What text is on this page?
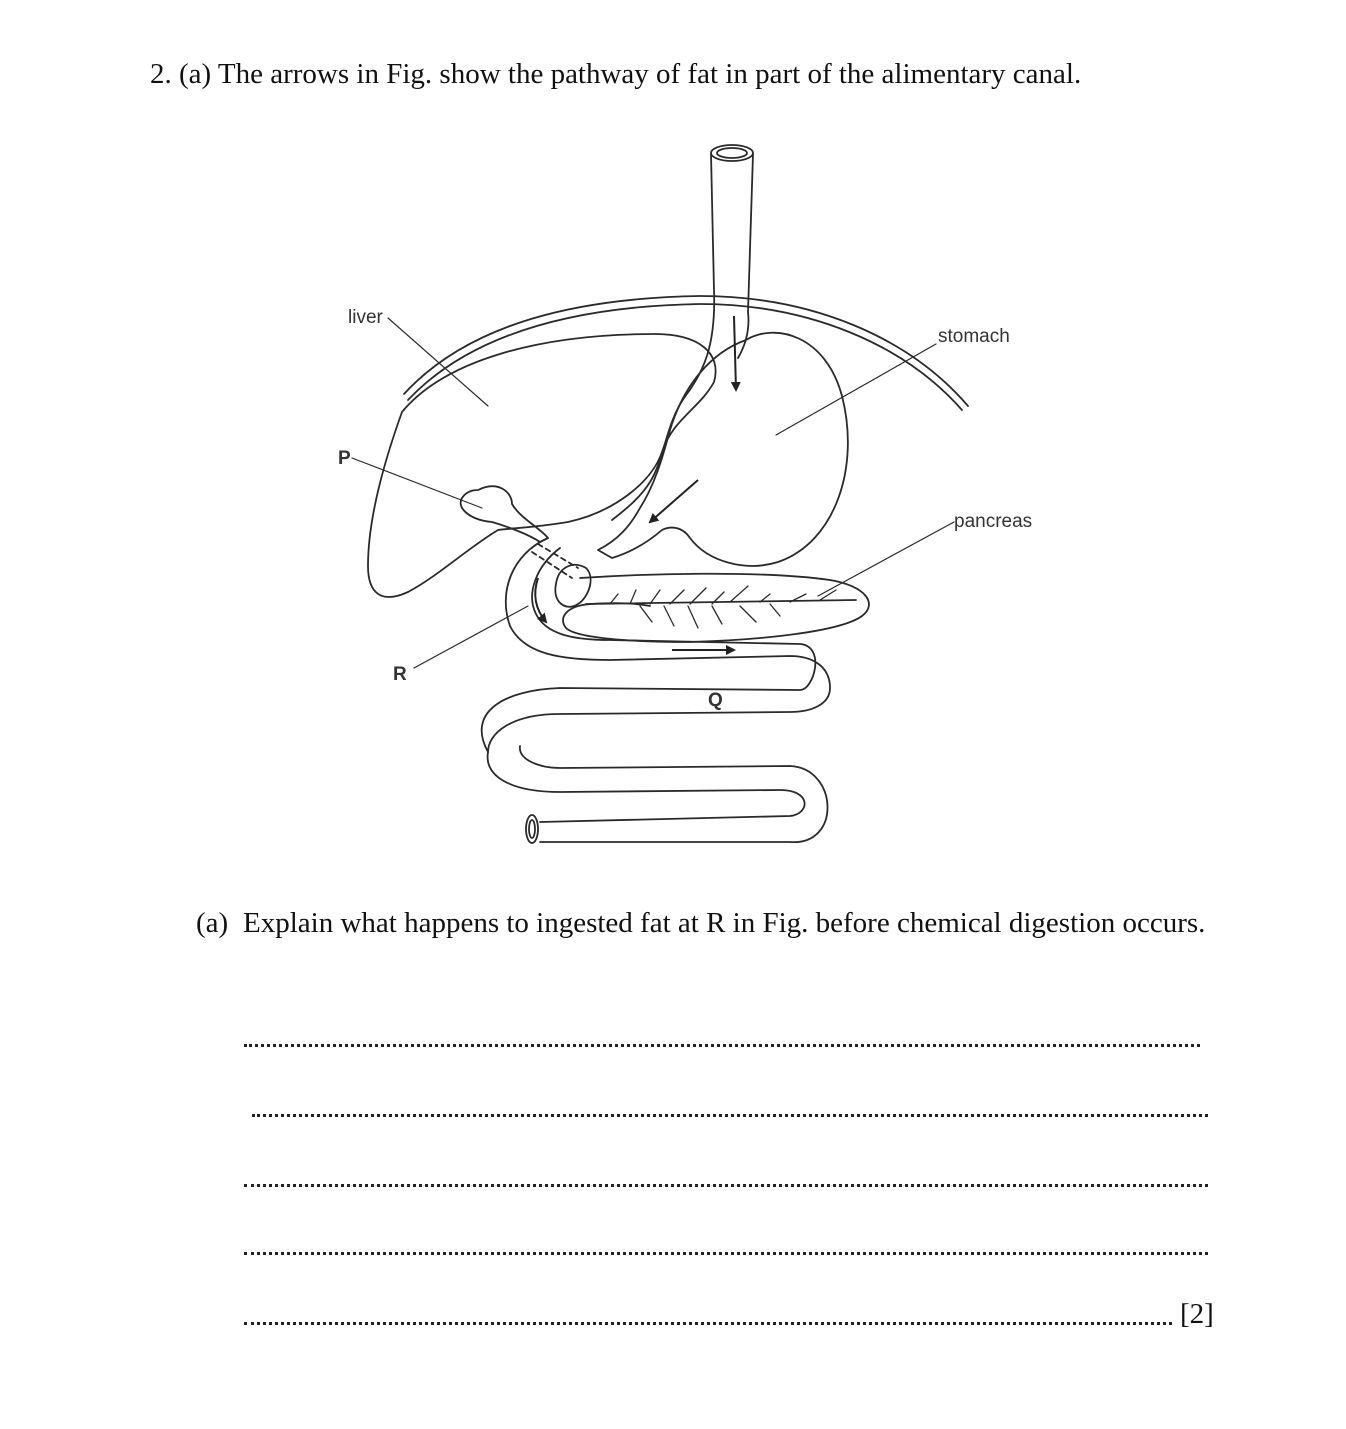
2. (a) The arrows in Fig. show the pathway of fat in part of the alimentary canal.
liver
stomach
pancreas
P
R
Q
(a) Explain what happens to ingested fat at R in Fig. before chemical digestion occurs.
[2]
